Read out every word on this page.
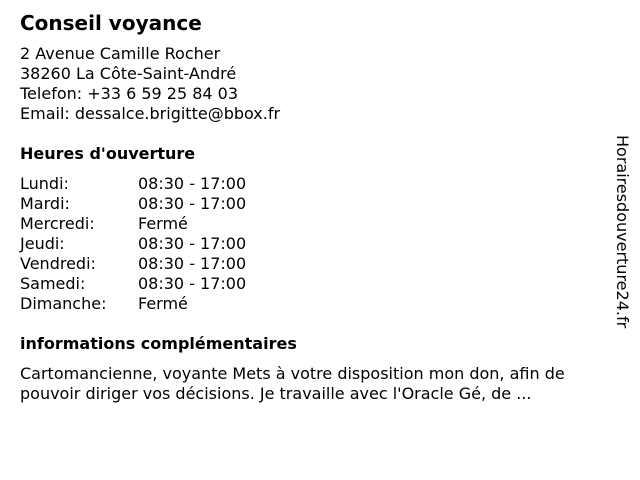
Conseil voyance
2 Avenue Camille Rocher
38260 La Côte-Saint-André
Telefon: +33 6 59 25 84 03
Email: dessalce.brigitte@bbox.fr
Heures d'ouverture
Lundi:	08:30 - 17:00
Mardi:	08:30 - 17:00
Mercredi:	Fermé
Jeudi:	08:30 - 17:00
Vendredi:	08:30 - 17:00
Samedi:	08:30 - 17:00
Dimanche:	Fermé
informations complémentaires
Cartomancienne, voyante Mets à votre disposition mon don, afin de pouvoir diriger vos décisions. Je travaille avec l'Oracle Gé, de ...
Horairesdouverture24.fr
